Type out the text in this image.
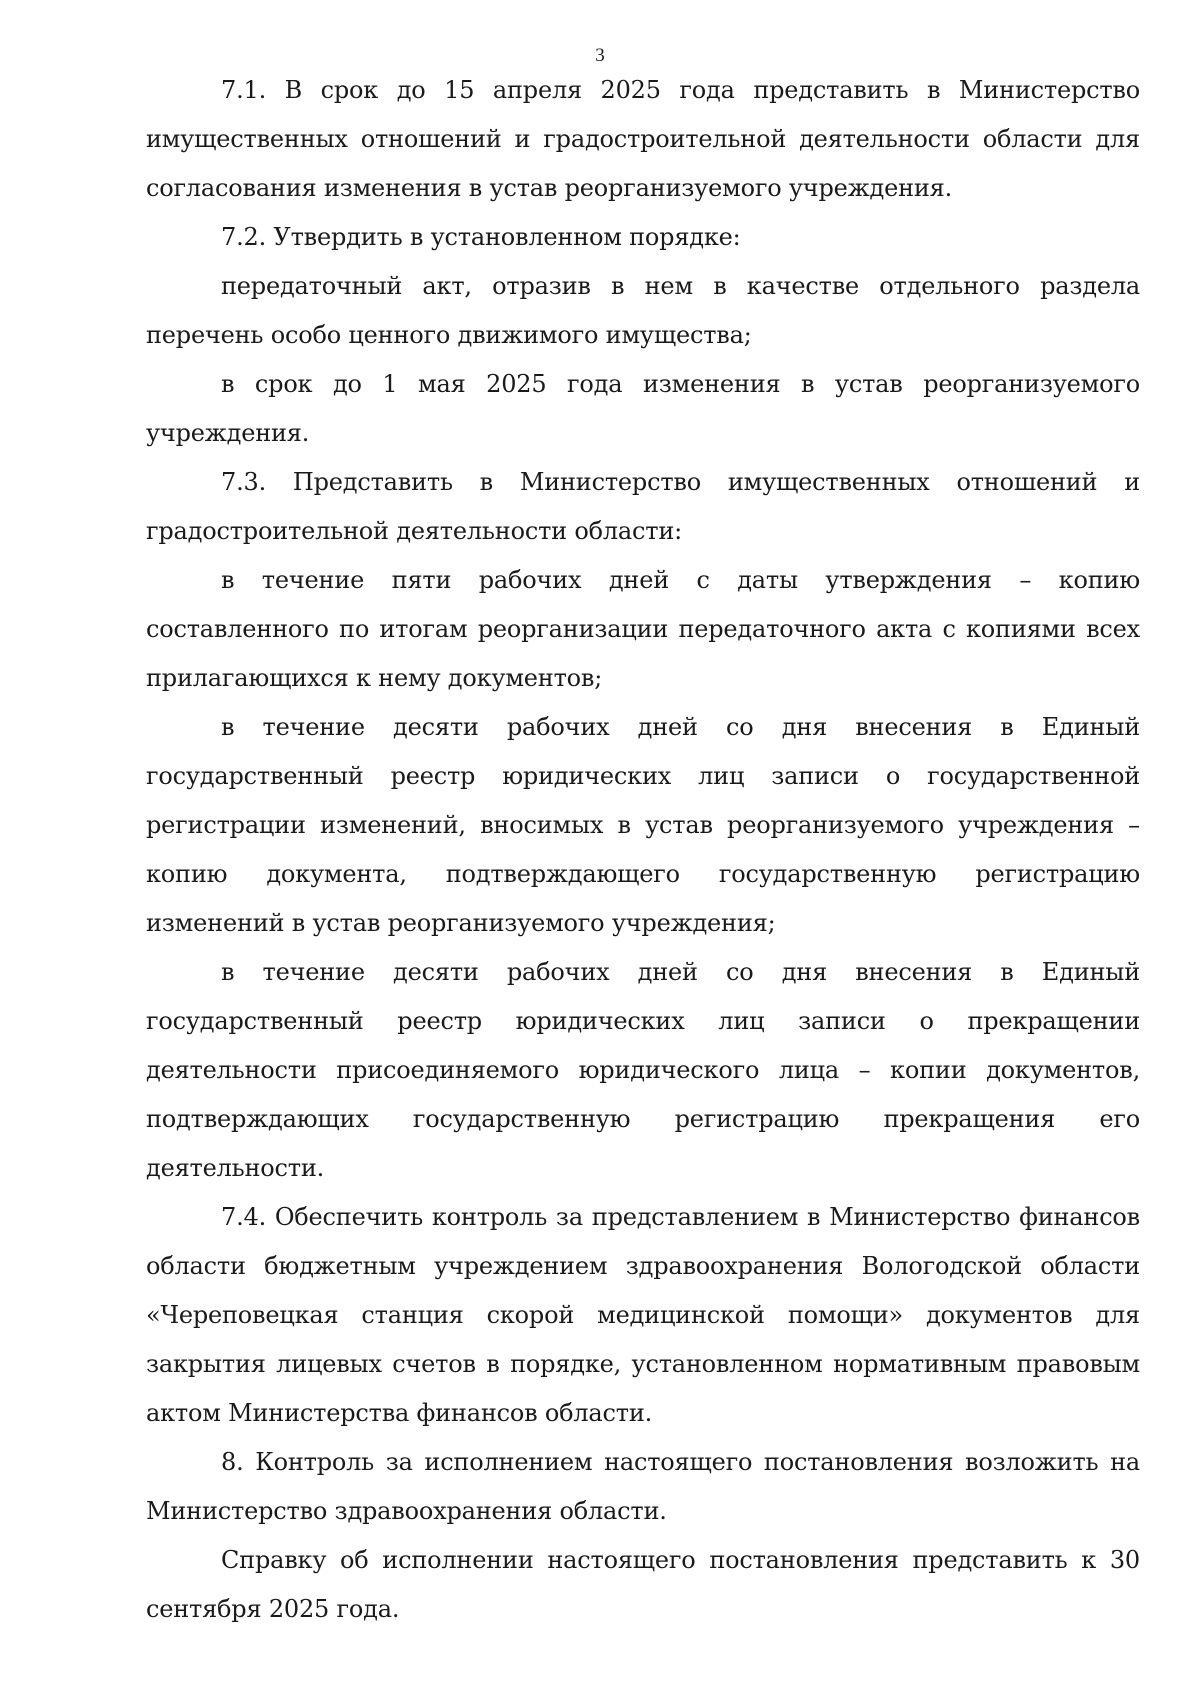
3

7.1. В срок до 15 апреля 2025 года представить в Министерство имущественных отношений и градостроительной деятельности области для согласования изменения в устав реорганизуемого учреждения.

7.2. Утвердить в установленном порядке:

передаточный акт, отразив в нем в качестве отдельного раздела перечень особо ценного движимого имущества;

в срок до 1 мая 2025 года изменения в устав реорганизуемого учреждения.

7.3. Представить в Министерство имущественных отношений и градостроительной деятельности области:

в течение пяти рабочих дней с даты утверждения – копию составленного по итогам реорганизации передаточного акта с копиями всех прилагающихся к нему документов;

в течение десяти рабочих дней со дня внесения в Единый государственный реестр юридических лиц записи о государственной регистрации изменений, вносимых в устав реорганизуемого учреждения – копию документа, подтверждающего государственную регистрацию изменений в устав реорганизуемого учреждения;

в течение десяти рабочих дней со дня внесения в Единый государственный реестр юридических лиц записи о прекращении деятельности присоединяемого юридического лица – копии документов, подтверждающих государственную регистрацию прекращения его деятельности.

7.4. Обеспечить контроль за представлением в Министерство финансов области бюджетным учреждением здравоохранения Вологодской области «Череповецкая станция скорой медицинской помощи» документов для закрытия лицевых счетов в порядке, установленном нормативным правовым актом Министерства финансов области.

8. Контроль за исполнением настоящего постановления возложить на Министерство здравоохранения области.

Справку об исполнении настоящего постановления представить к 30 сентября 2025 года.
